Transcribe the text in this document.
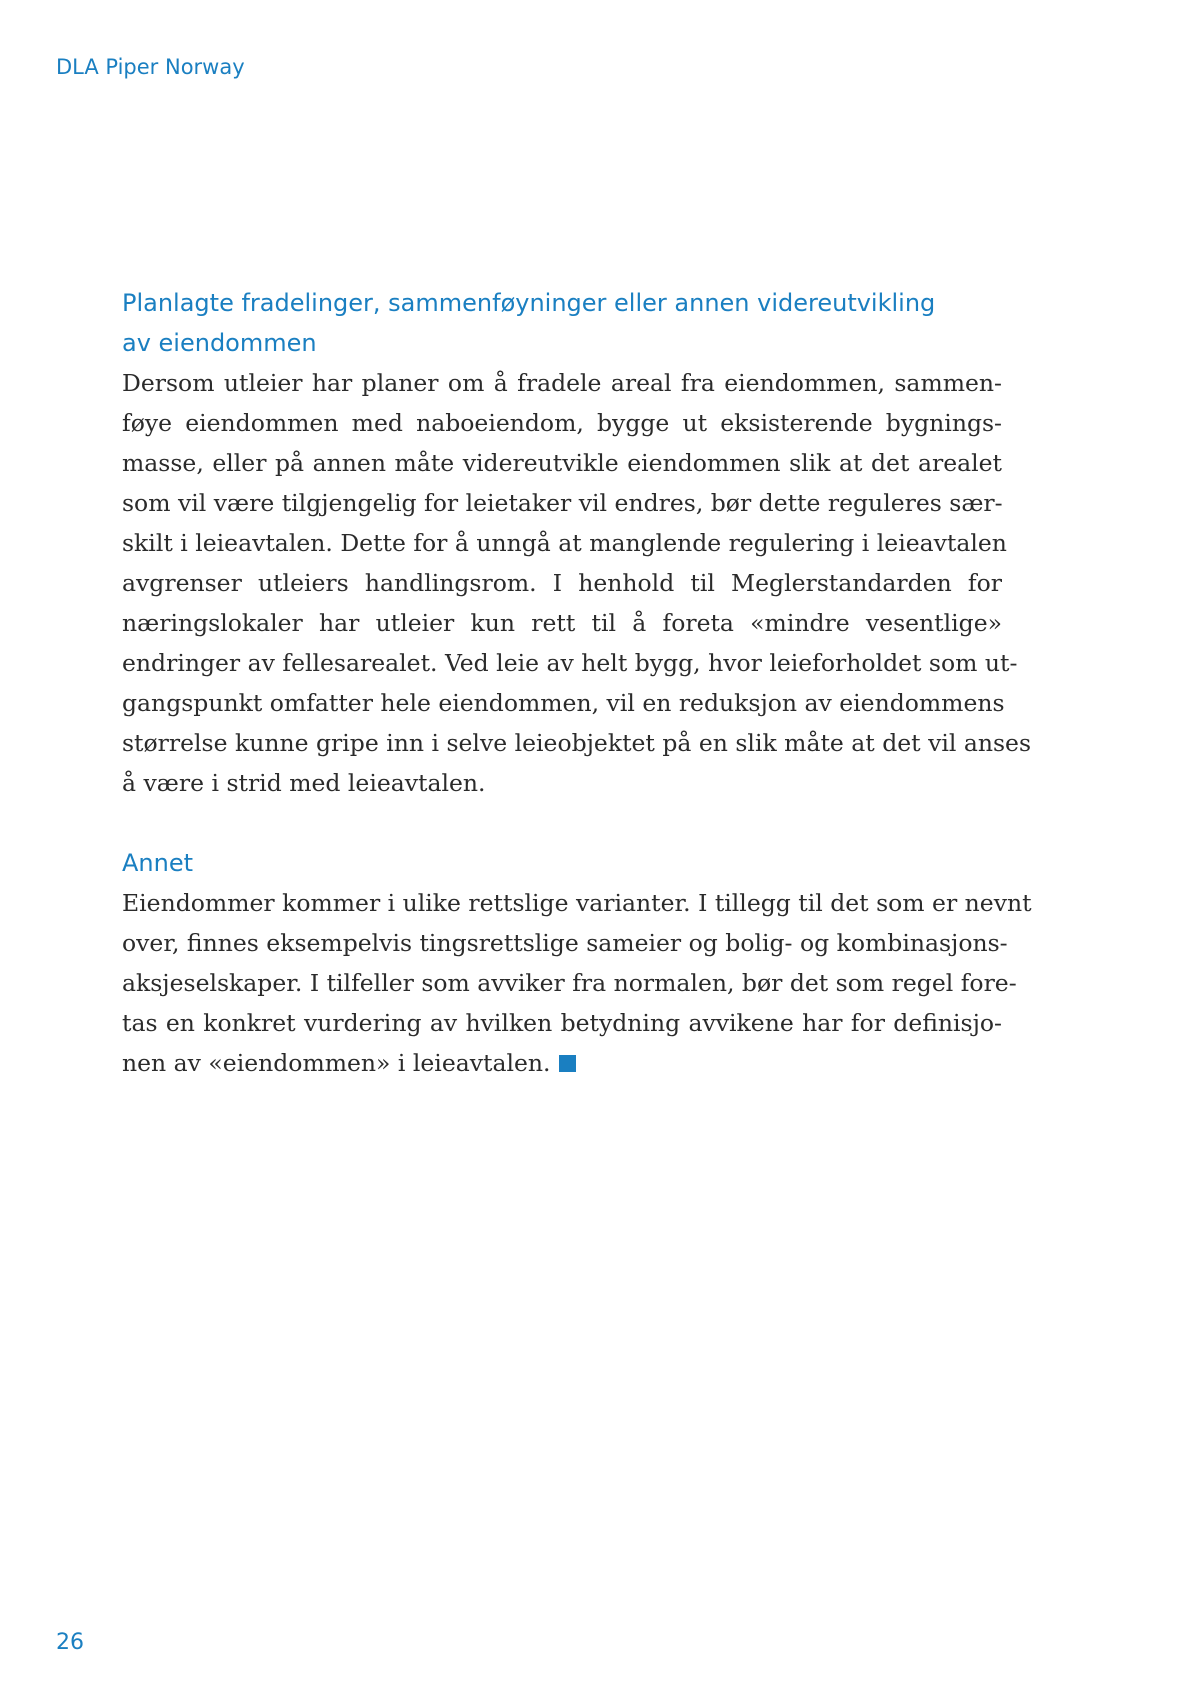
DLA Piper Norway
Planlagte fradelinger, sammenføyninger eller annen videreutvikling
av eiendommen
Dersom utleier har planer om å fradele areal fra eiendommen, sammen-
føye eiendommen med naboeiendom, bygge ut eksisterende bygnings-
masse, eller på annen måte videreutvikle eiendommen slik at det arealet
som vil være tilgjengelig for leietaker vil endres, bør dette reguleres sær-
skilt i leieavtalen. Dette for å unngå at manglende regulering i leieavtalen
avgrenser utleiers handlingsrom. I henhold til Meglerstandarden for
næringslokaler har utleier kun rett til å foreta «mindre vesentlige»
endringer av fellesarealet. Ved leie av helt bygg, hvor leieforholdet som ut-
gangspunkt omfatter hele eiendommen, vil en reduksjon av eiendommens
størrelse kunne gripe inn i selve leieobjektet på en slik måte at det vil anses
å være i strid med leieavtalen.
Annet
Eiendommer kommer i ulike rettslige varianter. I tillegg til det som er nevnt
over, finnes eksempelvis tingsrettslige sameier og bolig- og kombinasjons-
aksjeselskaper. I tilfeller som avviker fra normalen, bør det som regel fore-
tas en konkret vurdering av hvilken betydning avvikene har for definisjo-
nen av «eiendommen» i leieavtalen.
26
